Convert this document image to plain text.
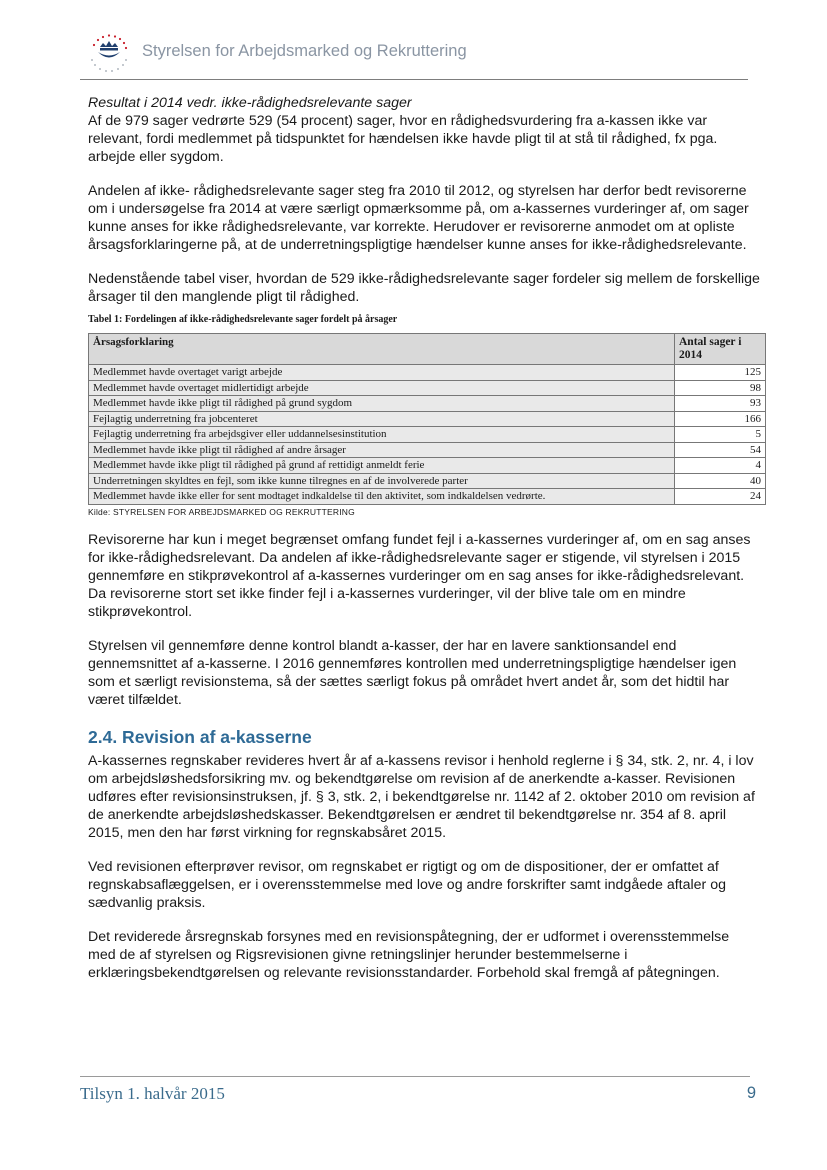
Styrelsen for Arbejdsmarked og Rekruttering

Resultat i 2014 vedr. ikke-rådighedsrelevante sager

Af de 979 sager vedrørte 529 (54 procent) sager, hvor en rådighedsvurdering fra a-kassen ikke var relevant, fordi medlemmet på tidspunktet for hændelsen ikke havde pligt til at stå til rådighed, fx pga. arbejde eller sygdom.

Andelen af ikke- rådighedsrelevante sager steg fra 2010 til 2012, og styrelsen har derfor bedt revisorerne om i undersøgelse fra 2014 at være særligt opmærksomme på, om a-kassernes vurderinger af, om sager kunne anses for ikke rådighedsrelevante, var korrekte. Herudover er revisorerne anmodet om at opliste årsagsforklaringerne på, at de underretningspligtige hændelser kunne anses for ikke-rådighedsrelevante.

Nedenstående tabel viser, hvordan de 529 ikke-rådighedsrelevante sager fordeler sig mellem de forskellige årsager til den manglende pligt til rådighed.

Tabel 1: Fordelingen af ikke-rådighedsrelevante sager fordelt på årsager
Årsagsforklaring	Antal sager i 2014
Medlemmet havde overtaget varigt arbejde	125
Medlemmet havde overtaget midlertidigt arbejde	98
Medlemmet havde ikke pligt til rådighed på grund sygdom	93
Fejlagtig underretning fra jobcenteret	166
Fejlagtig underretning fra arbejdsgiver eller uddannelsesinstitution	5
Medlemmet havde ikke pligt til rådighed af andre årsager	54
Medlemmet havde ikke pligt til rådighed på grund af rettidigt anmeldt ferie	4
Underretningen skyldtes en fejl, som ikke kunne tilregnes en af de involverede parter	40
Medlemmet havde ikke eller for sent modtaget indkaldelse til den aktivitet, som indkaldelsen vedrørte.	24
Kilde: STYRELSEN FOR ARBEJDSMARKED OG REKRUTTERING

Revisorerne har kun i meget begrænset omfang fundet fejl i a-kassernes vurderinger af, om en sag anses for ikke-rådighedsrelevant. Da andelen af ikke-rådighedsrelevante sager er stigende, vil styrelsen i 2015 gennemføre en stikprøvekontrol af a-kassernes vurderinger om en sag anses for ikke-rådighedsrelevant. Da revisorerne stort set ikke finder fejl i a-kassernes vurderinger, vil der blive tale om en mindre stikprøvekontrol.

Styrelsen vil gennemføre denne kontrol blandt a-kasser, der har en lavere sanktionsandel end gennemsnittet af a-kasserne. I 2016 gennemføres kontrollen med underretningspligtige hændelser igen som et særligt revisionstema, så der sættes særligt fokus på området hvert andet år, som det hidtil har været tilfældet.

2.4. Revision af a-kasserne

A-kassernes regnskaber revideres hvert år af a-kassens revisor i henhold reglerne i § 34, stk. 2, nr. 4, i lov om arbejdsløshedsforsikring mv. og bekendtgørelse om revision af de anerkendte a-kasser. Revisionen udføres efter revisionsinstruksen, jf. § 3, stk. 2, i bekendtgørelse nr. 1142 af 2. oktober 2010 om revision af de anerkendte arbejdsløshedskasser. Bekendtgørelsen er ændret til bekendtgørelse nr. 354 af 8. april 2015, men den har først virkning for regnskabsåret 2015.

Ved revisionen efterprøver revisor, om regnskabet er rigtigt og om de dispositioner, der er omfattet af regnskabsaflæggelsen, er i overensstemmelse med love og andre forskrifter samt indgåede aftaler og sædvanlig praksis.

Det reviderede årsregnskab forsynes med en revisionspåtegning, der er udformet i overensstemmelse med de af styrelsen og Rigsrevisionen givne retningslinjer herunder bestemmelserne i erklæringsbekendtgørelsen og relevante revisionsstandarder. Forbehold skal fremgå af påtegningen.

Tilsyn 1. halvår 2015	9
